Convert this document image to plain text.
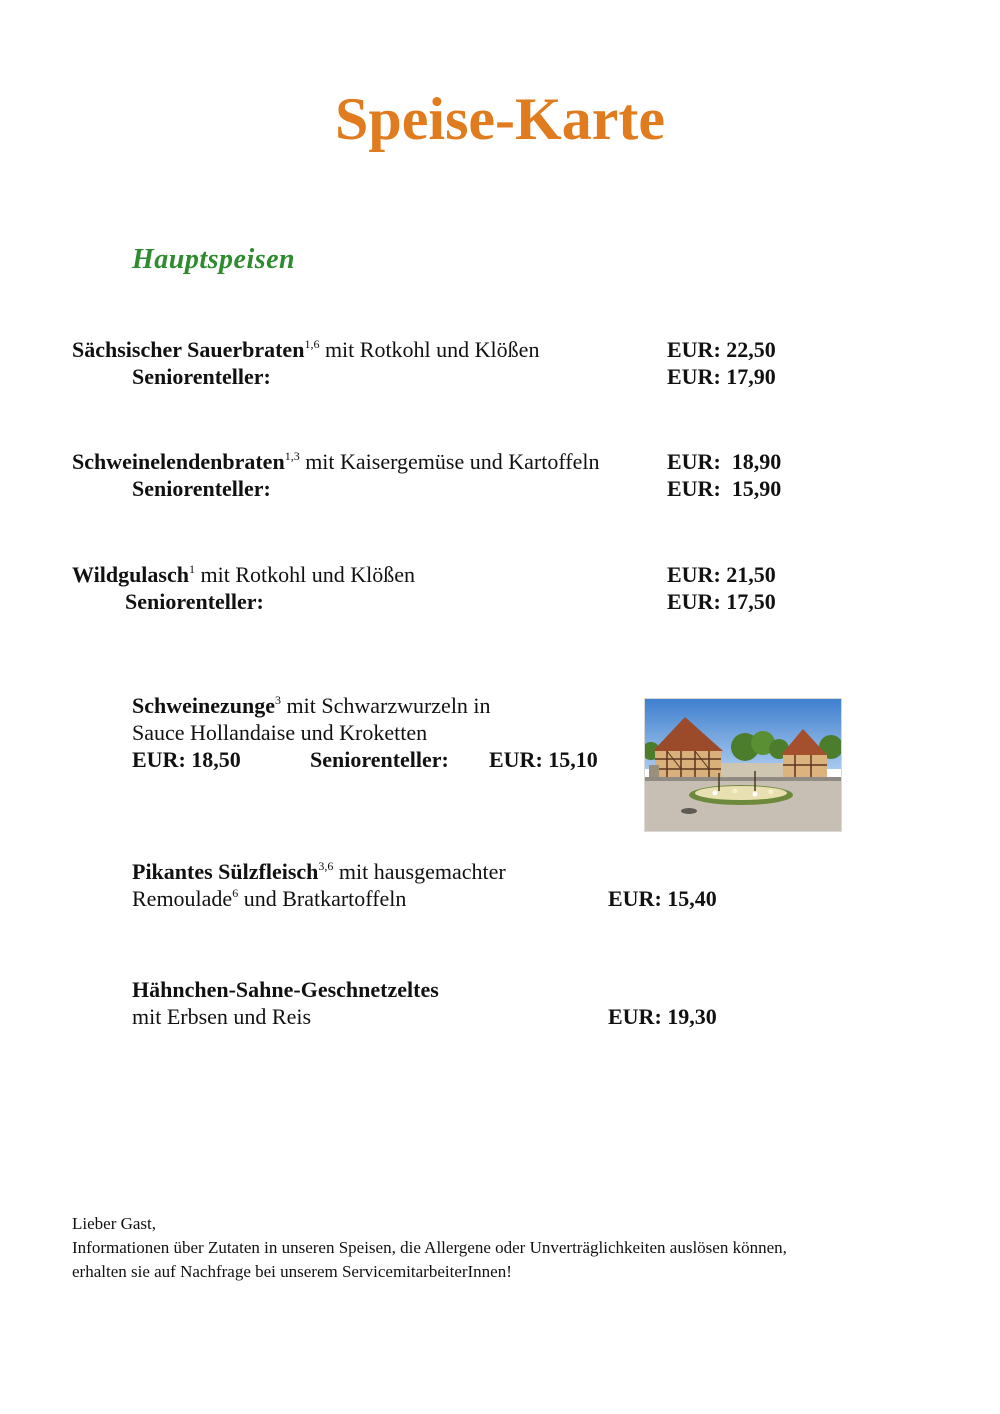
Speise-Karte
Hauptspeisen
Sächsischer Sauerbraten$^{1,6}$ mit Rotkohl und Klößen	EUR: 22,50
Seniorenteller:	EUR: 17,90
Schweinelendenbraten$^{1,3}$ mit Kaisergemüse und Kartoffeln	EUR:  18,90
Seniorenteller:	EUR:  15,90
Wildgulasch$^1$ mit Rotkohl und Klößen	EUR: 21,50
Seniorenteller:	EUR: 17,50
Schweinezunge$^3$ mit Schwarzwurzeln in
Sauce Hollandaise und Kroketten
EUR: 18,50	Seniorenteller: EUR: 15,10
Pikantes Sülzfleisch$^{3,6}$ mit hausgemachter
Remoulade$^6$ und Bratkartoffeln	EUR: 15,40
Hähnchen-Sahne-Geschnetzeltes
mit Erbsen und Reis	EUR: 19,30
Lieber Gast,
Informationen über Zutaten in unseren Speisen, die Allergene oder Unverträglichkeiten auslösen können,
erhalten sie auf Nachfrage bei unserem ServicemitarbeiterInnen!
